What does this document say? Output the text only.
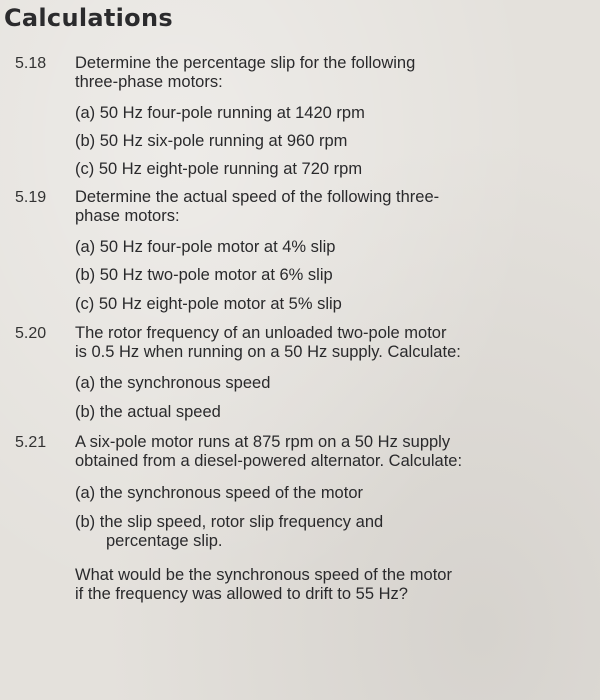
Calculations
5.18 Determine the percentage slip for the following
three-phase motors:
(a) 50 Hz four-pole running at 1420 rpm
(b) 50 Hz six-pole running at 960 rpm
(c) 50 Hz eight-pole running at 720 rpm
5.19 Determine the actual speed of the following three-
phase motors:
(a) 50 Hz four-pole motor at 4% slip
(b) 50 Hz two-pole motor at 6% slip
(c) 50 Hz eight-pole motor at 5% slip
5.20 The rotor frequency of an unloaded two-pole motor
is 0.5 Hz when running on a 50 Hz supply. Calculate:
(a) the synchronous speed
(b) the actual speed
5.21 A six-pole motor runs at 875 rpm on a 50 Hz supply
obtained from a diesel-powered alternator. Calculate:
(a) the synchronous speed of the motor
(b) the slip speed, rotor slip frequency and
percentage slip.
What would be the synchronous speed of the motor
if the frequency was allowed to drift to 55 Hz?
